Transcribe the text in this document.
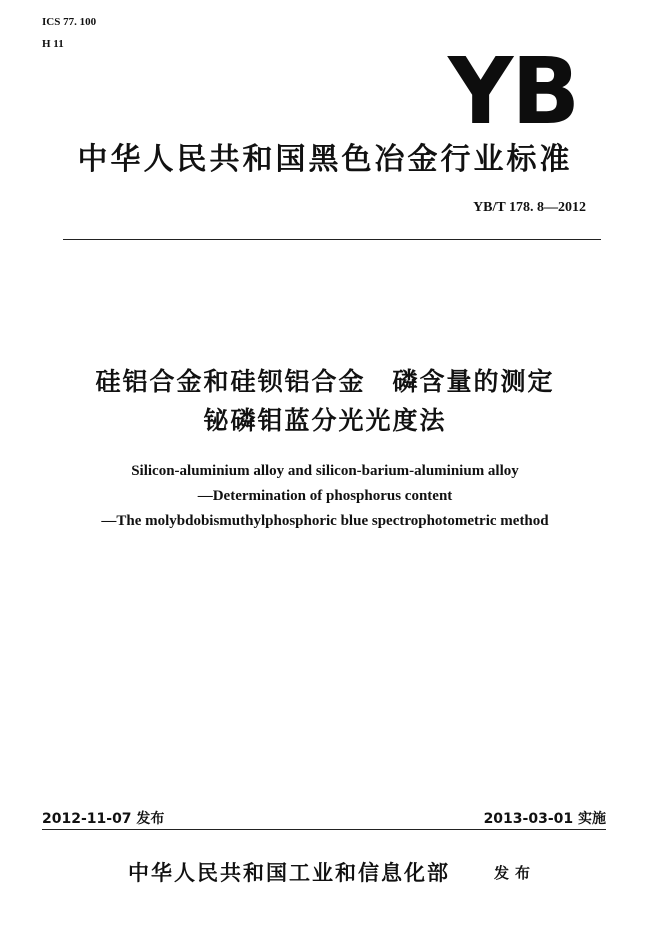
ICS 77. 100
H 11	YB
中华人民共和国黑色冶金行业标准
YB/T 178. 8—2012
硅铝合金和硅钡铝合金　磷含量的测定
铋磷钼蓝分光光度法
Silicon-aluminium alloy and silicon-barium-aluminium alloy
—Determination of phosphorus content
—The molybdobismuthylphosphoric blue spectrophotometric method
2012-11-07 发布	2013-03-01 实施
中华人民共和国工业和信息化部	发布
